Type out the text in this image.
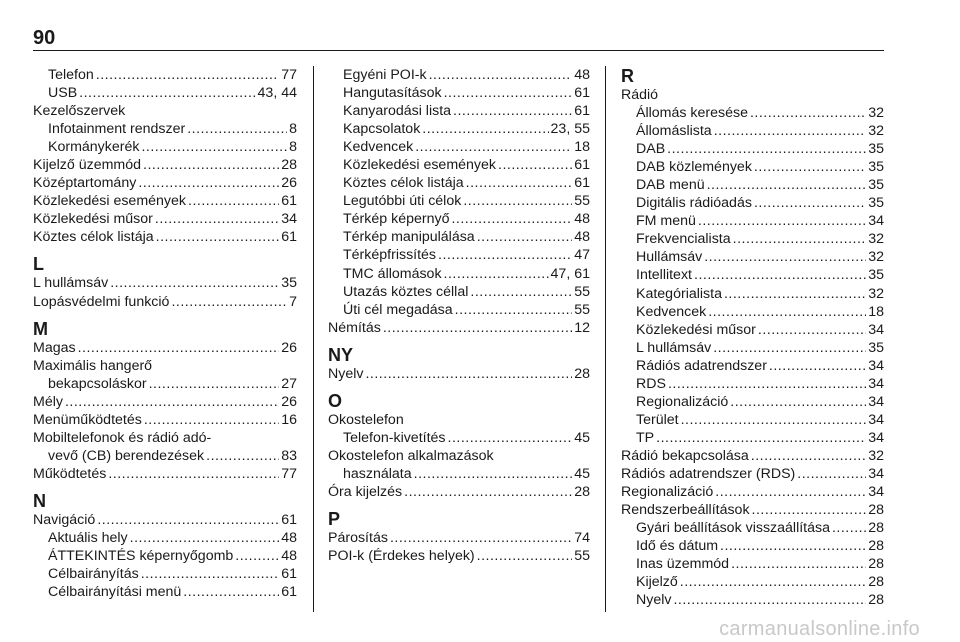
90
Telefon .....	77
USB .....	43, 44
Kezelőszervek
Infotainment rendszer .....	8
Kormánykerék .....	8
Kijelző üzemmód .....	28
Középtartomány .....	26
Közlekedési események .....	61
Közlekedési műsor .....	34
Köztes célok listája .....	61
L
L hullámsáv .....	35
Lopásvédelmi funkció .....	7
M
Magas .....	26
Maximális hangerő
bekapcsoláskor .....	27
Mély .....	26
Menüműködtetés .....	16
Mobiltelefonok és rádió adó-
vevő (CB) berendezések .....	83
Működtetés .....	77
N
Navigáció .....	61
Aktuális hely .....	48
ÁTTEKINTÉS képernyőgomb .....	48
Célbairányítás .....	61
Célbairányítási menü .....	61
Egyéni POI-k .....	48
Hangutasítások .....	61
Kanyarodási lista .....	61
Kapcsolatok .....	23, 55
Kedvencek .....	18
Közlekedési események .....	61
Köztes célok listája .....	61
Legutóbbi úti célok .....	55
Térkép képernyő .....	48
Térkép manipulálása .....	48
Térképfrissítés .....	47
TMC állomások .....	47, 61
Utazás köztes céllal .....	55
Úti cél megadása .....	55
Némítás .....	12
NY
Nyelv .....	28
O
Okostelefon
Telefon-kivetítés .....	45
Okostelefon alkalmazások
használata .....	45
Óra kijelzés .....	28
P
Párosítás .....	74
POI-k (Érdekes helyek) .....	55
R
Rádió
Állomás keresése .....	32
Állomáslista .....	32
DAB .....	35
DAB közlemények .....	35
DAB menü .....	35
Digitális rádióadás .....	35
FM menü .....	34
Frekvencialista .....	32
Hullámsáv .....	32
Intellitext .....	35
Kategórialista .....	32
Kedvencek .....	18
Közlekedési műsor .....	34
L hullámsáv .....	35
Rádiós adatrendszer .....	34
RDS .....	34
Regionalizáció .....	34
Terület .....	34
TP .....	34
Rádió bekapcsolása .....	32
Rádiós adatrendszer (RDS) .....	34
Regionalizáció .....	34
Rendszerbeállítások .....	28
Gyári beállítások visszaállítása .....	28
Idő és dátum .....	28
Inas üzemmód .....	28
Kijelző .....	28
Nyelv .....	28
carmanualsonline.info
